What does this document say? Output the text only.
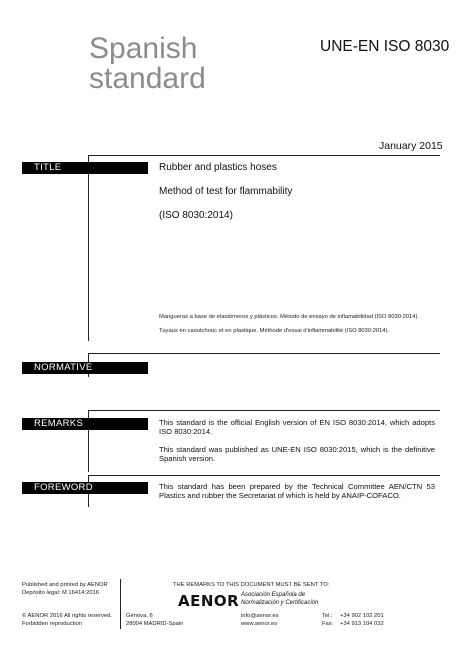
Spanish
standard
UNE-EN ISO 8030
January 2015
TITLE	Rubber and plastics hoses
Method of test for flammability
(ISO 8030:2014)
Mangueras a base de elastómeros y plásticos. Método de ensayo de inflamabilidad (ISO 8030:2014).
Tuyaux en caoutchouc et en plastique. Méthode d'essai d'inflammabilité (ISO 8030:2014).
NORMATIVE
REMARKS	This standard is the official English version of EN ISO 8030:2014, which adopts ISO 8030:2014.
This standard was published as UNE-EN ISO 8030:2015, which is the definitive Spanish version.
FOREWORD	This standard has been prepared by the Technical Committee AEN/CTN 53 Plastics and rubber the Secretariat of which is held by ANAIP-COFACO.
Published and printed by AENOR
Depósito legal: M 16414:2016
THE REMARKS TO THIS DOCUMENT MUST BE SENT TO:
AENOR Asociación Española de
Normalización y Certificación
© AENOR 2016 All rights reserved.
Forbidden reproduction
Génova, 6
28004 MADRID-Spain
info@aenor.es
www.aenor.es
Tel.:
Fax:
+34 902 102 201
+34 913 104 032
